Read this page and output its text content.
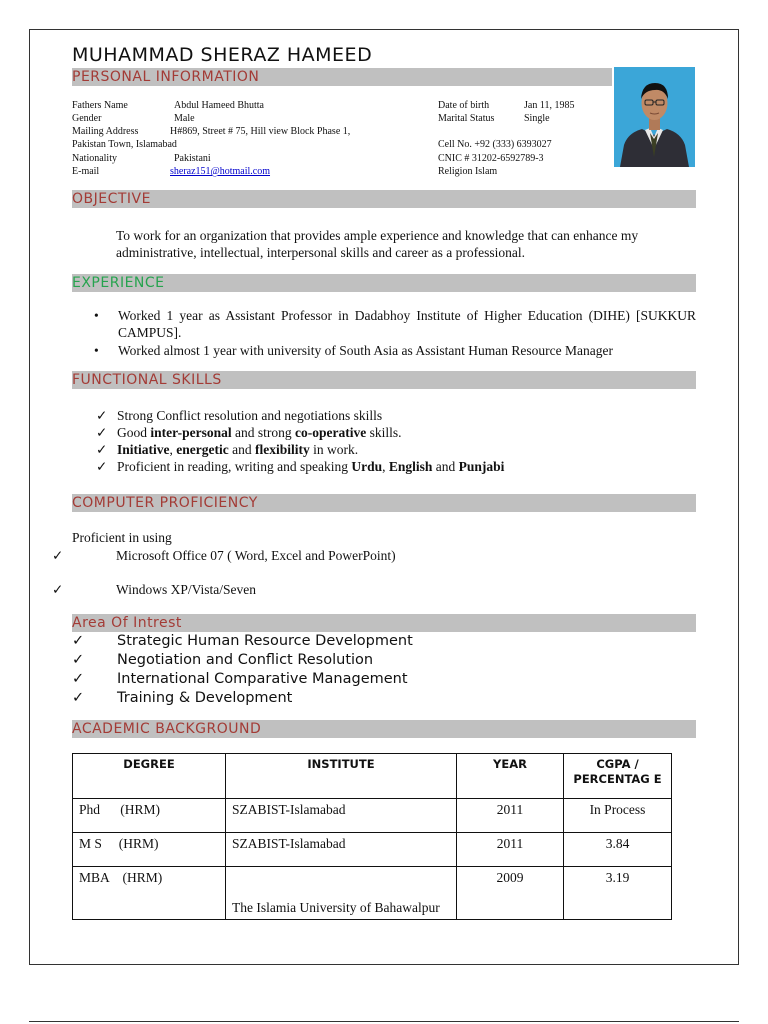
MUHAMMAD SHERAZ HAMEED
PERSONAL INFORMATION
Fathers Name	Abdul Hameed Bhutta
Gender	Male
Mailing Address	H#869, Street # 75, Hill view Block Phase 1,
Pakistan Town, Islamabad
Nationality	Pakistani
E-mail	sheraz151@hotmail.com
Date of birth	Jan 11, 1985
Marital Status	Single
Cell No. +92 (333) 6393027
CNIC # 31202-6592789-3
Religion Islam
OBJECTIVE
To work for an organization that provides ample experience and knowledge that can enhance my administrative, intellectual, interpersonal skills and career as a professional.
EXPERIENCE
• Worked 1 year as Assistant Professor in Dadabhoy Institute of Higher Education (DIHE) [SUKKUR CAMPUS].
• Worked almost 1 year with university of South Asia as Assistant Human Resource Manager
FUNCTIONAL SKILLS
✓ Strong Conflict resolution and negotiations skills
✓ Good inter-personal and strong co-operative skills.
✓ Initiative, energetic and flexibility in work.
✓ Proficient in reading, writing and speaking Urdu, English and Punjabi
COMPUTER PROFICIENCY
Proficient in using
✓	Microsoft Office 07 ( Word, Excel and PowerPoint)
✓	Windows XP/Vista/Seven
Area Of Intrest
✓ Strategic Human Resource Development
✓ Negotiation and Conflict Resolution
✓ International Comparative Management
✓ Training & Development
ACADEMIC BACKGROUND
DEGREE	INSTITUTE	YEAR	CGPA / PERCENTAG E
Phd      (HRM)	SZABIST-Islamabad	2011	In Process
M S     (HRM)	SZABIST-Islamabad	2011	3.84
MBA    (HRM)	The Islamia University of Bahawalpur	2009	3.19
